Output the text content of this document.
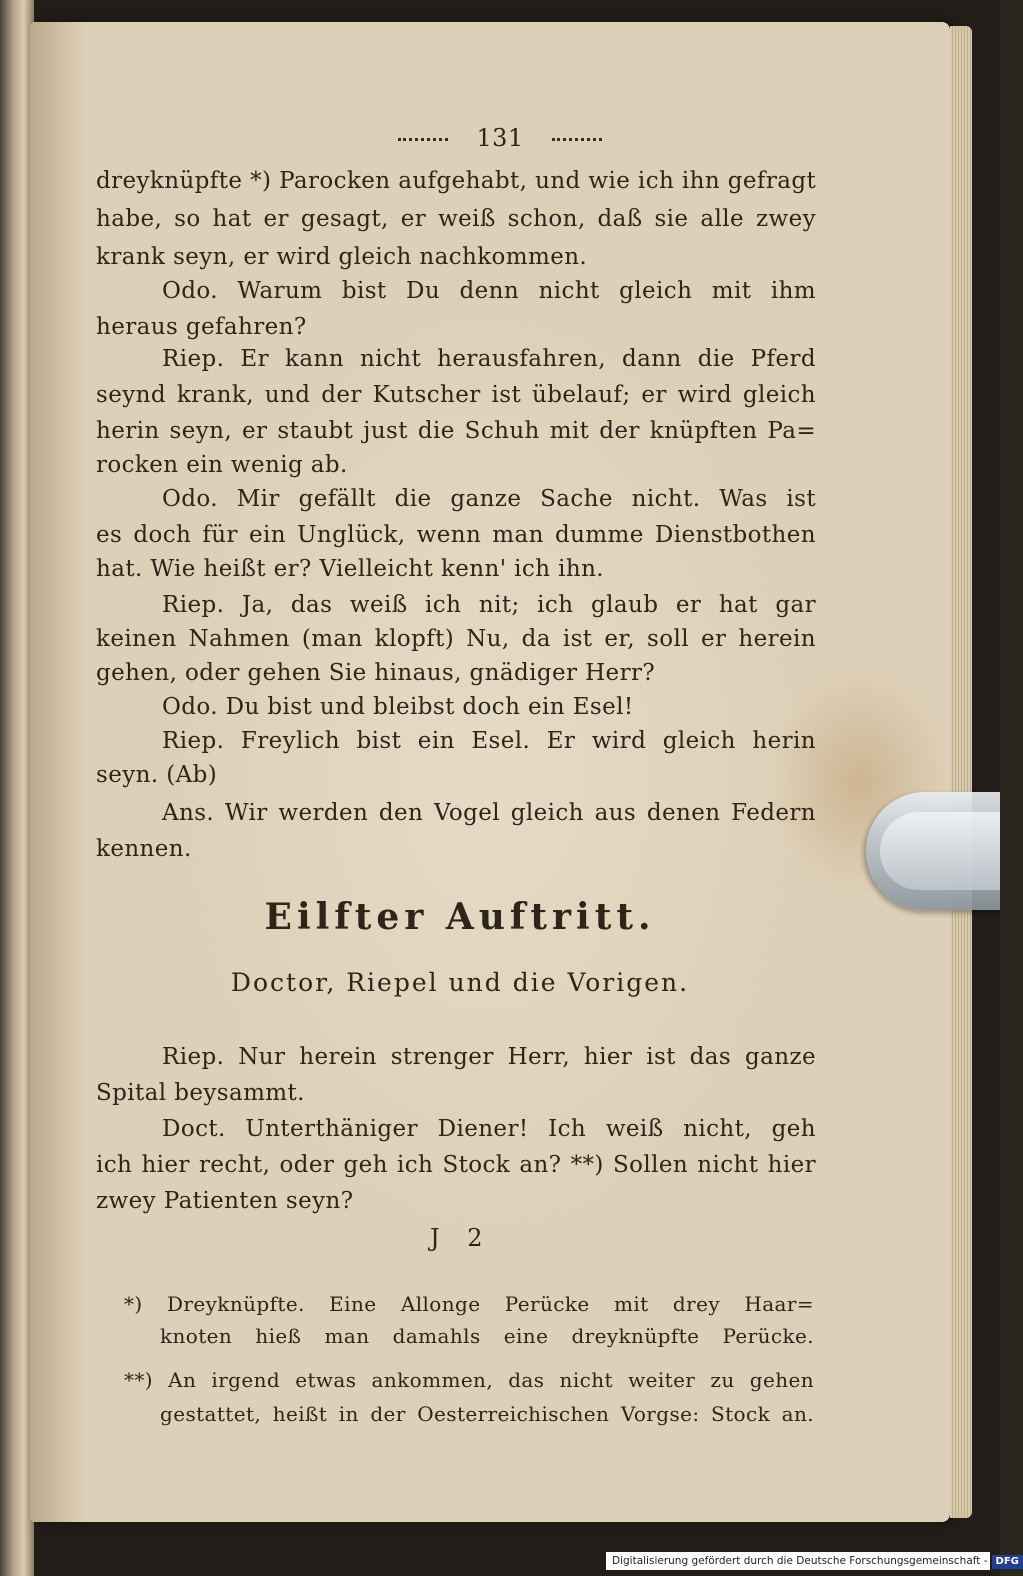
131
dreyknüpfte *) Parocken aufgehabt, und wie ich ihn gefragt
habe, so hat er gesagt, er weiß schon, daß sie alle zwey
krank seyn, er wird gleich nachkommen.
Odo. Warum bist Du denn nicht gleich mit ihm
heraus gefahren?
Riep. Er kann nicht herausfahren, dann die Pferd
seynd krank, und der Kutscher ist übelauf; er wird gleich
herin seyn, er staubt just die Schuh mit der knüpften Pa=
rocken ein wenig ab.
Odo. Mir gefällt die ganze Sache nicht. Was ist
es doch für ein Unglück, wenn man dumme Dienstbothen
hat. Wie heißt er? Vielleicht kenn' ich ihn.
Riep. Ja, das weiß ich nit; ich glaub er hat gar
keinen Nahmen (man klopft) Nu, da ist er, soll er herein
gehen, oder gehen Sie hinaus, gnädiger Herr?
Odo. Du bist und bleibst doch ein Esel!
Riep. Freylich bist ein Esel. Er wird gleich herin
seyn. (Ab)
Ans. Wir werden den Vogel gleich aus denen Federn
kennen.
Eilfter Auftritt.
Doctor, Riepel und die Vorigen.
Riep. Nur herein strenger Herr, hier ist das ganze
Spital beysammt.
Doct. Unterthäniger Diener! Ich weiß nicht, geh
ich hier recht, oder geh ich Stock an? **) Sollen nicht hier
zwey Patienten seyn?
J 2
*) Dreyknüpfte. Eine Allonge Perücke mit drey Haar=
knoten hieß man damahls eine dreyknüpfte Perücke.
**) An irgend etwas ankommen, das nicht weiter zu gehen
gestattet, heißt in der Oesterreichischen Vorgse: Stock an.
Digitalisierung gefördert durch die Deutsche Forschungsgemeinschaft - DFG
